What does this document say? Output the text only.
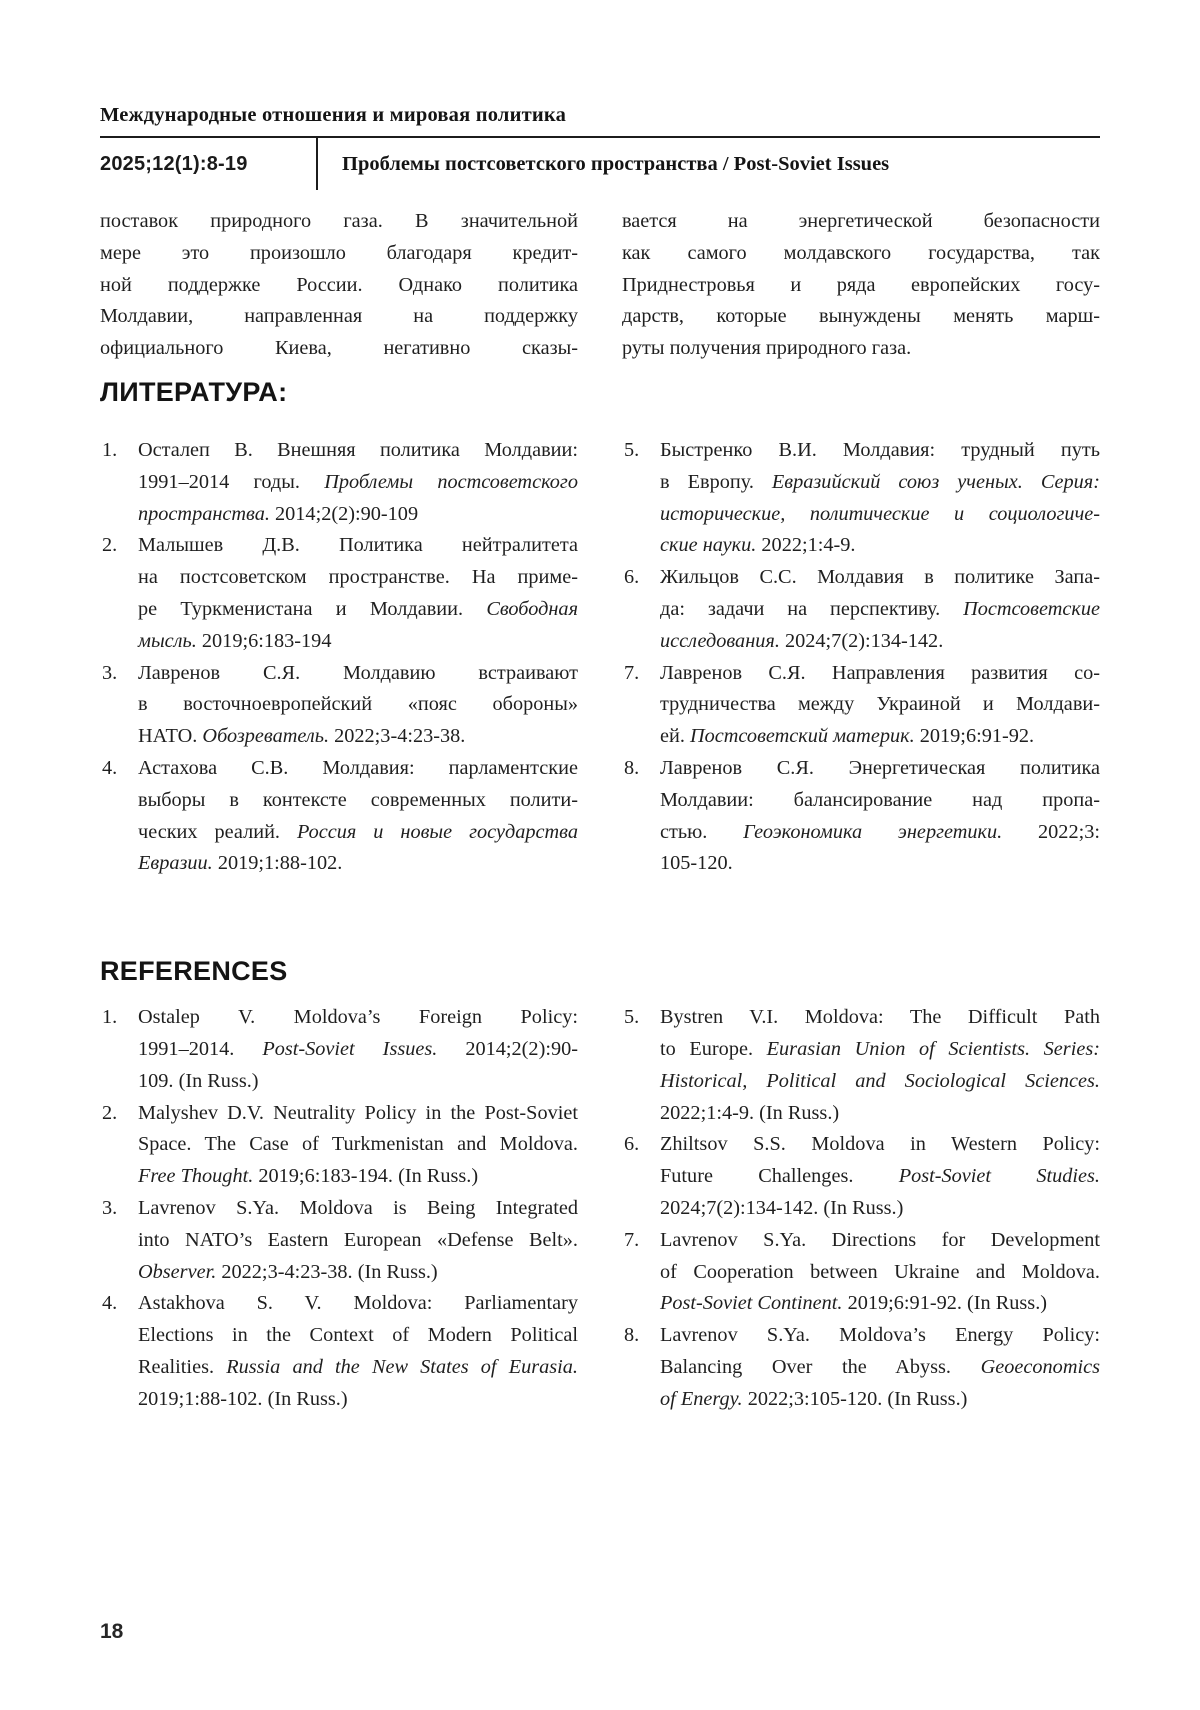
Международные отношения и мировая политика
2025;12(1):8-19	Проблемы постсоветского пространства / Post-Soviet Issues
поставок природного газа. В значительной
мере это произошло благодаря кредит-
ной поддержке России. Однако политика
Молдавии, направленная на поддержку
официального Киева, негативно сказы-
вается на энергетической безопасности
как самого молдавского государства, так
Приднестровья и ряда европейских госу-
дарств, которые вынуждены менять марш-
руты получения природного газа.
ЛИТЕРАТУРА:
1.	Осталеп В. Внешняя политика Молдавии:
1991–2014 годы. Проблемы постсоветского
пространства. 2014;2(2):90-109
2.	Малышев Д.В. Политика нейтралитета
на постсоветском пространстве. На приме-
ре Туркменистана и Молдавии. Свободная
мысль. 2019;6:183-194
3.	Лавренов С.Я. Молдавию встраивают
в восточноевропейский «пояс обороны»
НАТО. Обозреватель. 2022;3-4:23-38.
4.	Астахова С.В. Молдавия: парламентские
выборы в контексте современных полити-
ческих реалий. Россия и новые государства
Евразии. 2019;1:88-102.
5.	Быстренко В.И. Молдавия: трудный путь
в Европу. Евразийский союз ученых. Серия:
исторические, политические и социологиче-
ские науки. 2022;1:4-9.
6.	Жильцов С.С. Молдавия в политике Запа-
да: задачи на перспективу. Постсоветские
исследования. 2024;7(2):134-142.
7.	Лавренов С.Я. Направления развития со-
трудничества между Украиной и Молдави-
ей. Постсоветский материк. 2019;6:91-92.
8.	Лавренов С.Я. Энергетическая политика
Молдавии: балансирование над пропа-
стью. Геоэкономика энергетики. 2022;3:
105-120.
REFERENCES
1.	Ostalep V. Moldova’s Foreign Policy:
1991–2014. Post-Soviet Issues. 2014;2(2):90-
109. (In Russ.)
2.	Malyshev D.V. Neutrality Policy in the Post-Soviet
Space. The Case of Turkmenistan and Moldova.
Free Thought. 2019;6:183-194. (In Russ.)
3.	Lavrenov S.Ya. Moldova is Being Integrated
into NATO’s Eastern European «Defense Belt».
Observer. 2022;3-4:23-38. (In Russ.)
4.	Astakhova S. V. Moldova: Parliamentary
Elections in the Context of Modern Political
Realities. Russia and the New States of Eurasia.
2019;1:88-102. (In Russ.)
5.	Bystren V.I. Moldova: The Difficult Path
to Europe. Eurasian Union of Scientists. Series:
Historical, Political and Sociological Sciences.
2022;1:4-9. (In Russ.)
6.	Zhiltsov S.S. Moldova in Western Policy:
Future Challenges. Post-Soviet Studies.
2024;7(2):134-142. (In Russ.)
7.	Lavrenov S.Ya. Directions for Development
of Cooperation between Ukraine and Moldova.
Post-Soviet Continent. 2019;6:91-92. (In Russ.)
8.	Lavrenov S.Ya. Moldova’s Energy Policy:
Balancing Over the Abyss. Geoeconomics
of Energy. 2022;3:105-120. (In Russ.)
18
